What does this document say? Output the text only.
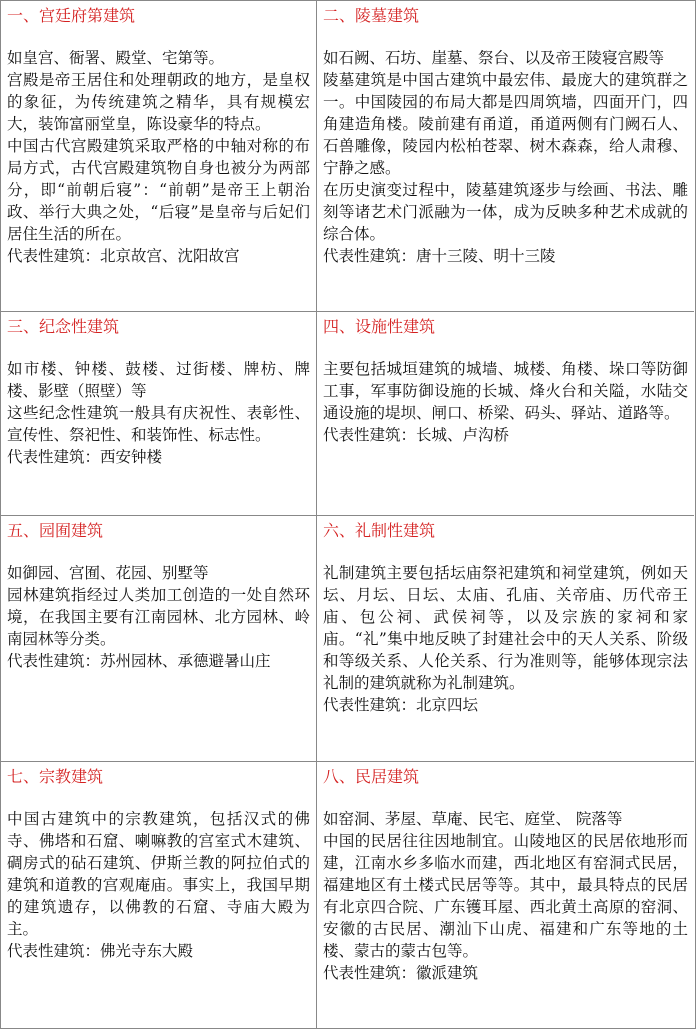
一、宫廷府第建筑

如皇宫、衙署、殿堂、宅第等。

宫殿是帝王居住和处理朝政的地方，是皇权的象征，为传统建筑之精华，具有规模宏大，装饰富丽堂皇，陈设豪华的特点。

中国古代宫殿建筑采取严格的中轴对称的布局方式，古代宫殿建筑物自身也被分为两部分，即“前朝后寝”：“前朝”是帝王上朝治政、举行大典之处，“后寝”是皇帝与后妃们居住生活的所在。

代表性建筑：北京故宫、沈阳故宫

二、陵墓建筑

如石阙、石坊、崖墓、祭台、以及帝王陵寝宫殿等

陵墓建筑是中国古建筑中最宏伟、最庞大的建筑群之一。中国陵园的布局大都是四周筑墙，四面开门，四角建造角楼。陵前建有甬道，甬道两侧有门阙石人、石兽雕像，陵园内松柏苍翠、树木森森，给人肃穆、宁静之感。

在历史演变过程中，陵墓建筑逐步与绘画、书法、雕刻等诸艺术门派融为一体，成为反映多种艺术成就的综合体。

代表性建筑：唐十三陵、明十三陵

三、纪念性建筑

如市楼、钟楼、鼓楼、过街楼、牌枋、牌楼、影壁（照壁）等

这些纪念性建筑一般具有庆祝性、表彰性、宣传性、祭祀性、和装饰性、标志性。

代表性建筑：西安钟楼

四、设施性建筑

主要包括城垣建筑的城墙、城楼、角楼、垛口等防御工事，军事防御设施的长城、烽火台和关隘，水陆交通设施的堤坝、闸口、桥梁、码头、驿站、道路等。

代表性建筑：长城、卢沟桥

五、园囿建筑

如御园、宫囿、花园、别墅等

园林建筑指经过人类加工创造的一处自然环境，在我国主要有江南园林、北方园林、岭南园林等分类。

代表性建筑：苏州园林、承德避暑山庄

六、礼制性建筑

礼制建筑主要包括坛庙祭祀建筑和祠堂建筑，例如天坛、月坛、日坛、太庙、孔庙、关帝庙、历代帝王庙、包公祠、武侯祠等，以及宗族的家祠和家庙。“礼”集中地反映了封建社会中的天人关系、阶级和等级关系、人伦关系、行为准则等，能够体现宗法礼制的建筑就称为礼制建筑。

代表性建筑：北京四坛

七、宗教建筑

中国古建筑中的宗教建筑，包括汉式的佛寺、佛塔和石窟、喇嘛教的宫室式木建筑、碉房式的砧石建筑、伊斯兰教的阿拉伯式的建筑和道教的宫观庵庙。事实上，我国早期的建筑遗存，以佛教的石窟、寺庙大殿为主。

代表性建筑：佛光寺东大殿

八、民居建筑

如窑洞、茅屋、草庵、民宅、庭堂、 院落等

中国的民居往往因地制宜。山陵地区的民居依地形而建，江南水乡多临水而建，西北地区有窑洞式民居，福建地区有土楼式民居等等。其中，最具特点的民居有北京四合院、广东镬耳屋、西北黄土高原的窑洞、安徽的古民居、潮汕下山虎、福建和广东等地的土楼、蒙古的蒙古包等。

代表性建筑：徽派建筑
